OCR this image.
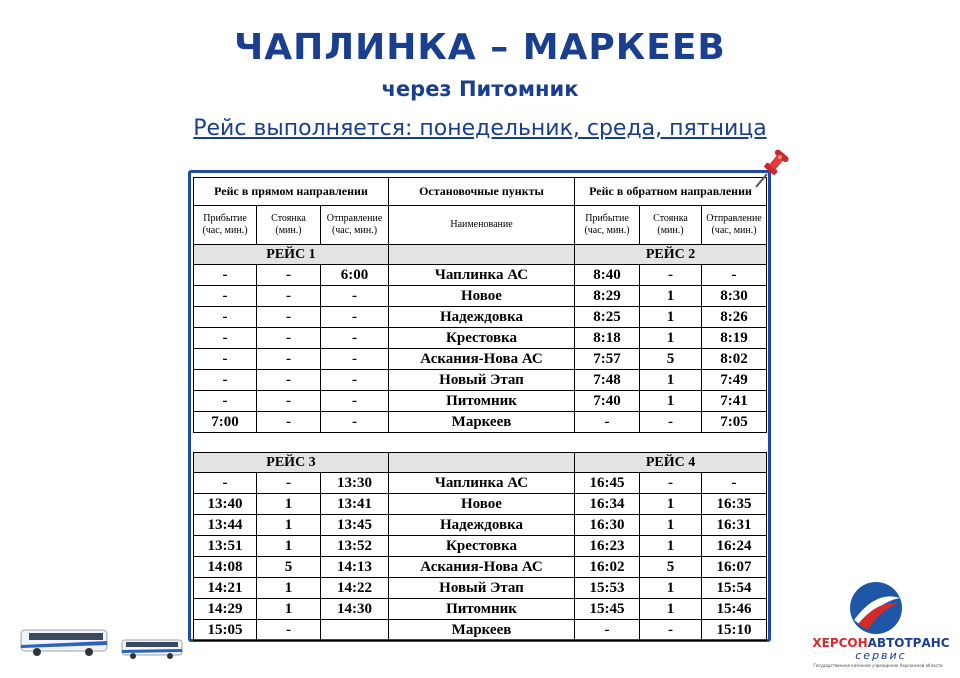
ЧАПЛИНКА – МАРКЕЕВ
через Питомник
Рейс выполняется: понедельник, среда, пятница
Рейс в прямом направлении			Остановочные пункты	Рейс в обратном направлении		
Прибытие (час, мин.)	Стоянка (мин.)	Отправление (час, мин.)	Наименование	Прибытие (час, мин.)	Стоянка (мин.)	Отправление (час, мин.)
РЕЙС 1				РЕЙС 2		
-	-	6:00	Чаплинка АС	8:40	-	-
-	-	-	Новое	8:29	1	8:30
-	-	-	Надеждовка	8:25	1	8:26
-	-	-	Крестовка	8:18	1	8:19
-	-	-	Аскания-Нова АС	7:57	5	8:02
-	-	-	Новый Этап	7:48	1	7:49
-	-	-	Питомник	7:40	1	7:41
7:00	-	-	Маркеев	-	-	7:05

РЕЙС 3				РЕЙС 4		
-	-	13:30	Чаплинка АС	16:45	-	-
13:40	1	13:41	Новое	16:34	1	16:35
13:44	1	13:45	Надеждовка	16:30	1	16:31
13:51	1	13:52	Крестовка	16:23	1	16:24
14:08	5	14:13	Аскания-Нова АС	16:02	5	16:07
14:21	1	14:22	Новый Этап	15:53	1	15:54
14:29	1	14:30	Питомник	15:45	1	15:46
15:05	-		Маркеев	-	-	15:10
ХЕРСОНАВТОТРАНС
сервис
Государственное казенное учреждение Херсонской области
